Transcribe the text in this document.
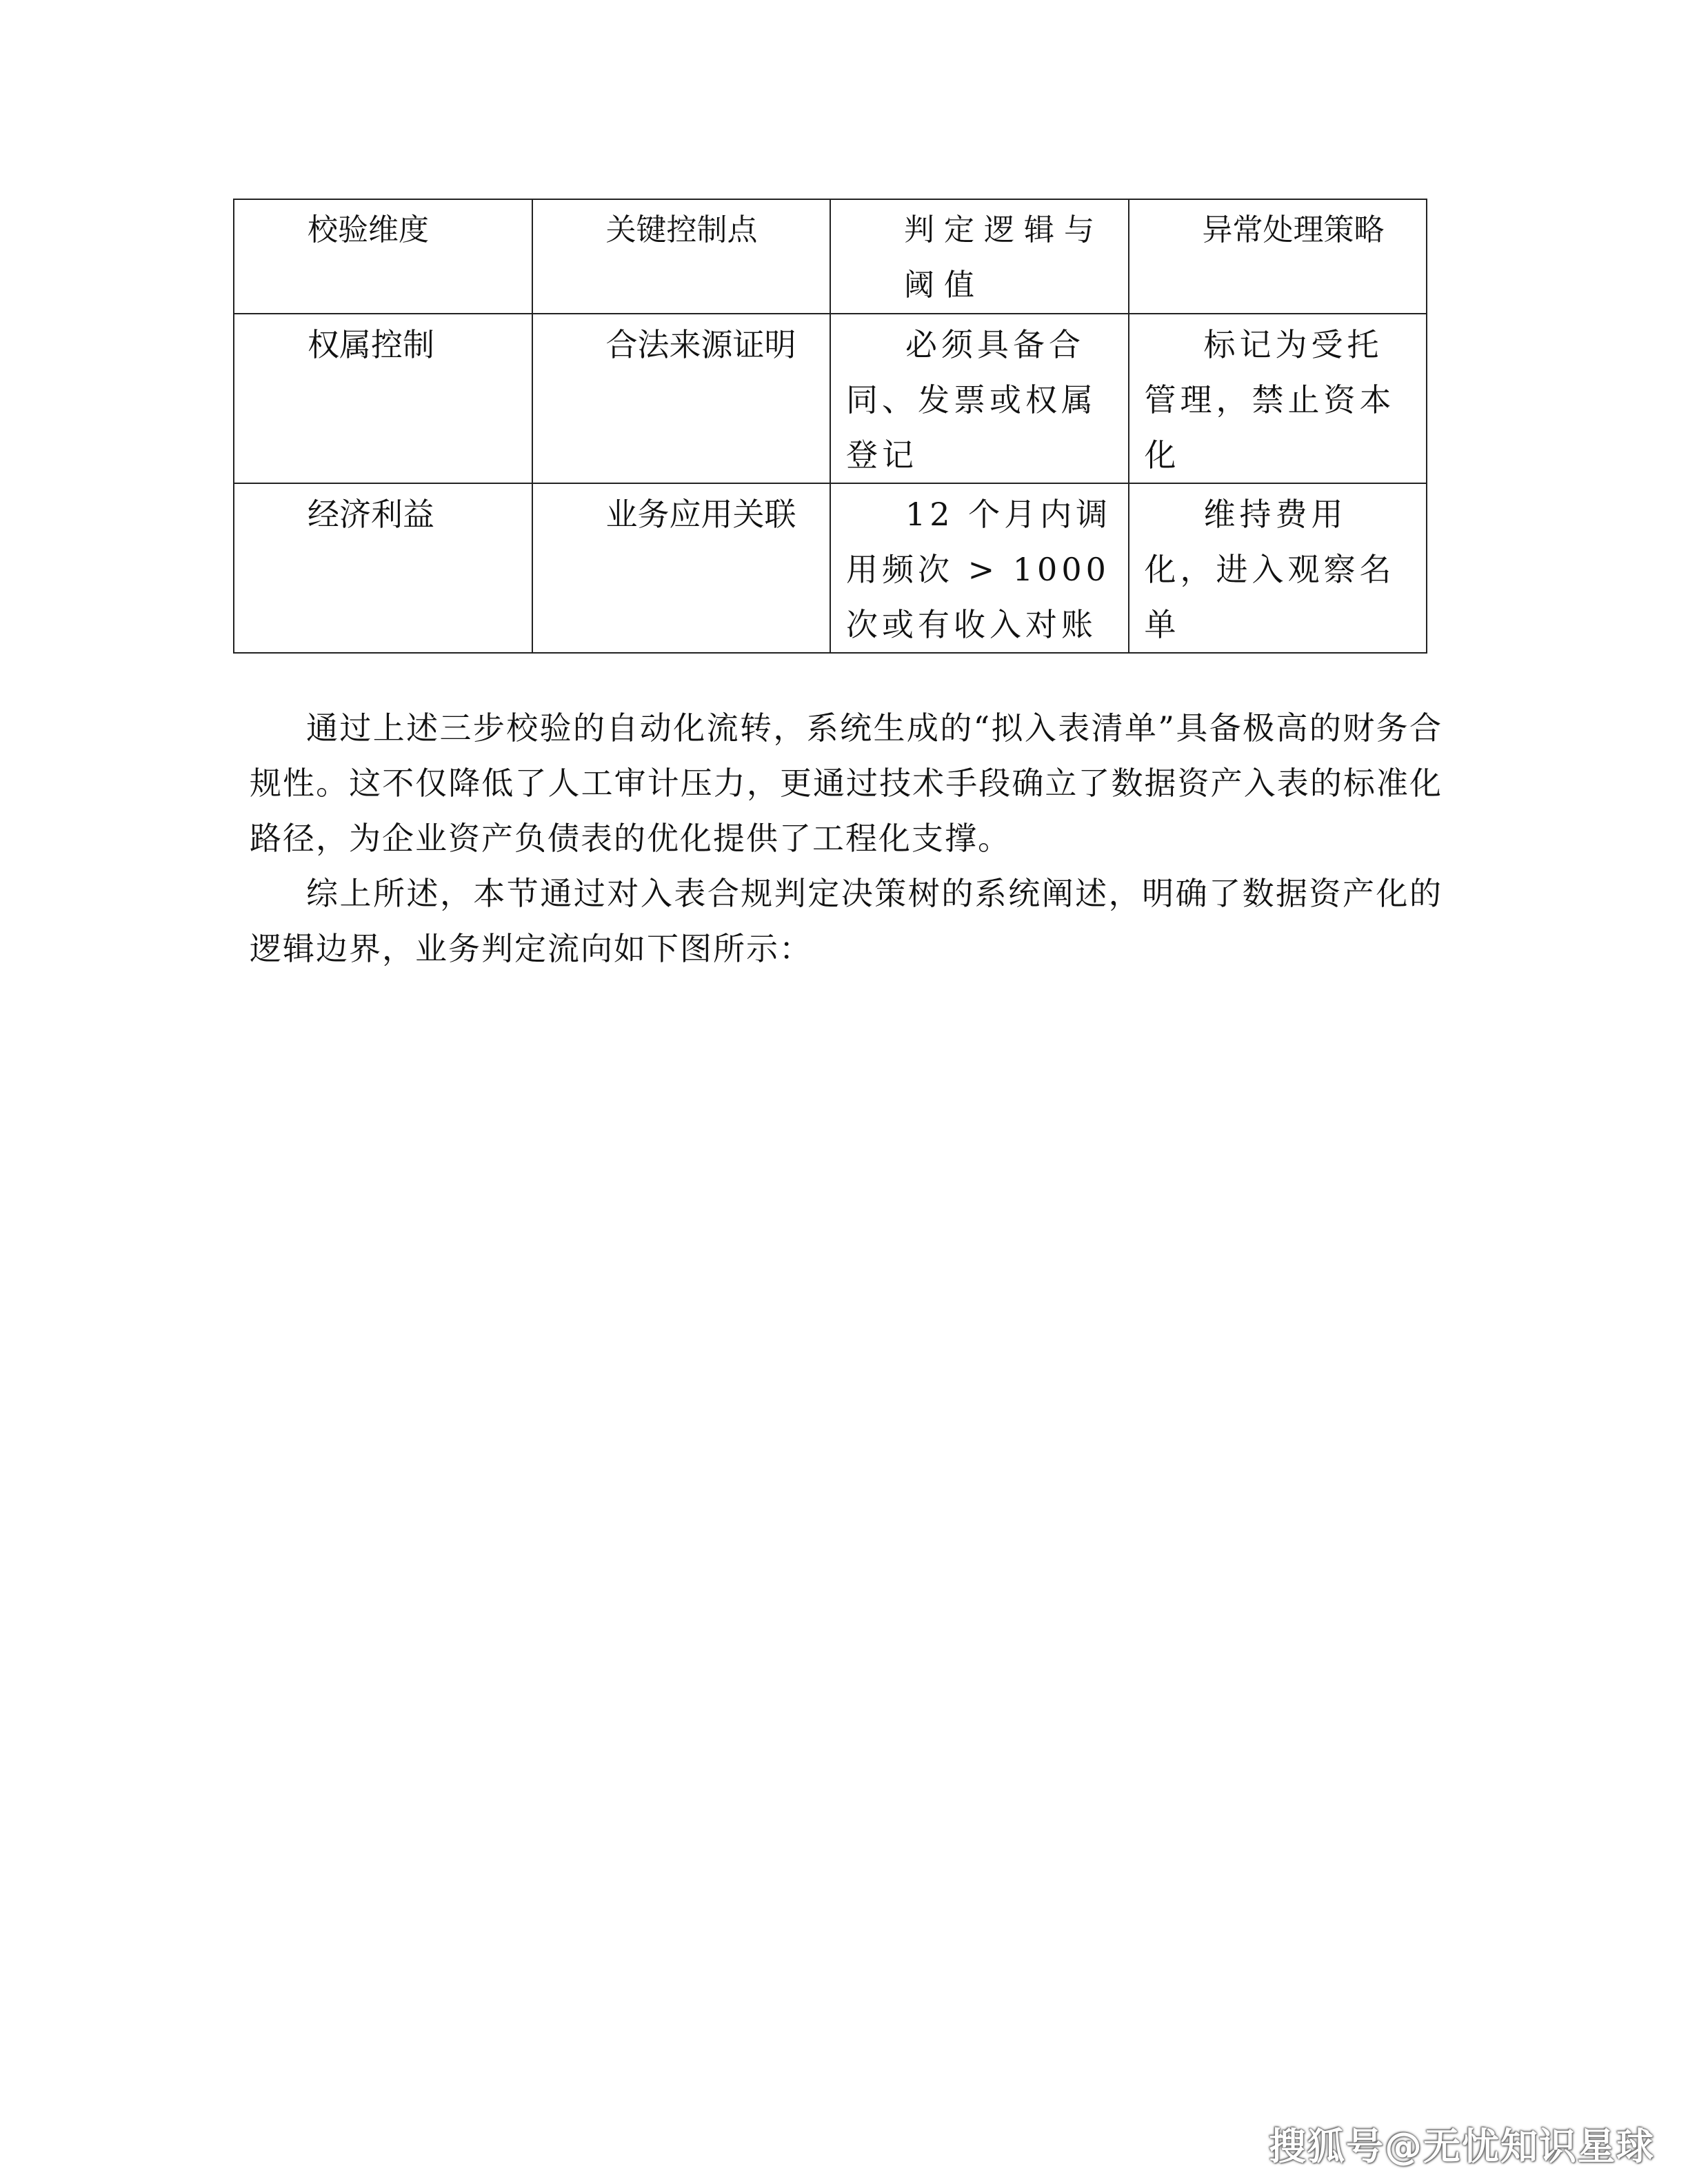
校验维度	关键控制点	判定逻辑与阈值	异常处理策略
权属控制	合法来源证明	必须具备合同、发票或权属登记	标记为受托管理，禁止资本化
经济利益	业务应用关联	12 个月内调用频次 > 1000 次或有收入对账	维持费用化，进入观察名单

通过上述三步校验的自动化流转，系统生成的“拟入表清单”具备极高的财务合规性。这不仅降低了人工审计压力，更通过技术手段确立了数据资产入表的标准化路径，为企业资产负债表的优化提供了工程化支撑。

综上所述，本节通过对入表合规判定决策树的系统阐述，明确了数据资产化的逻辑边界，业务判定流向如下图所示：

搜狐号@无忧知识星球
